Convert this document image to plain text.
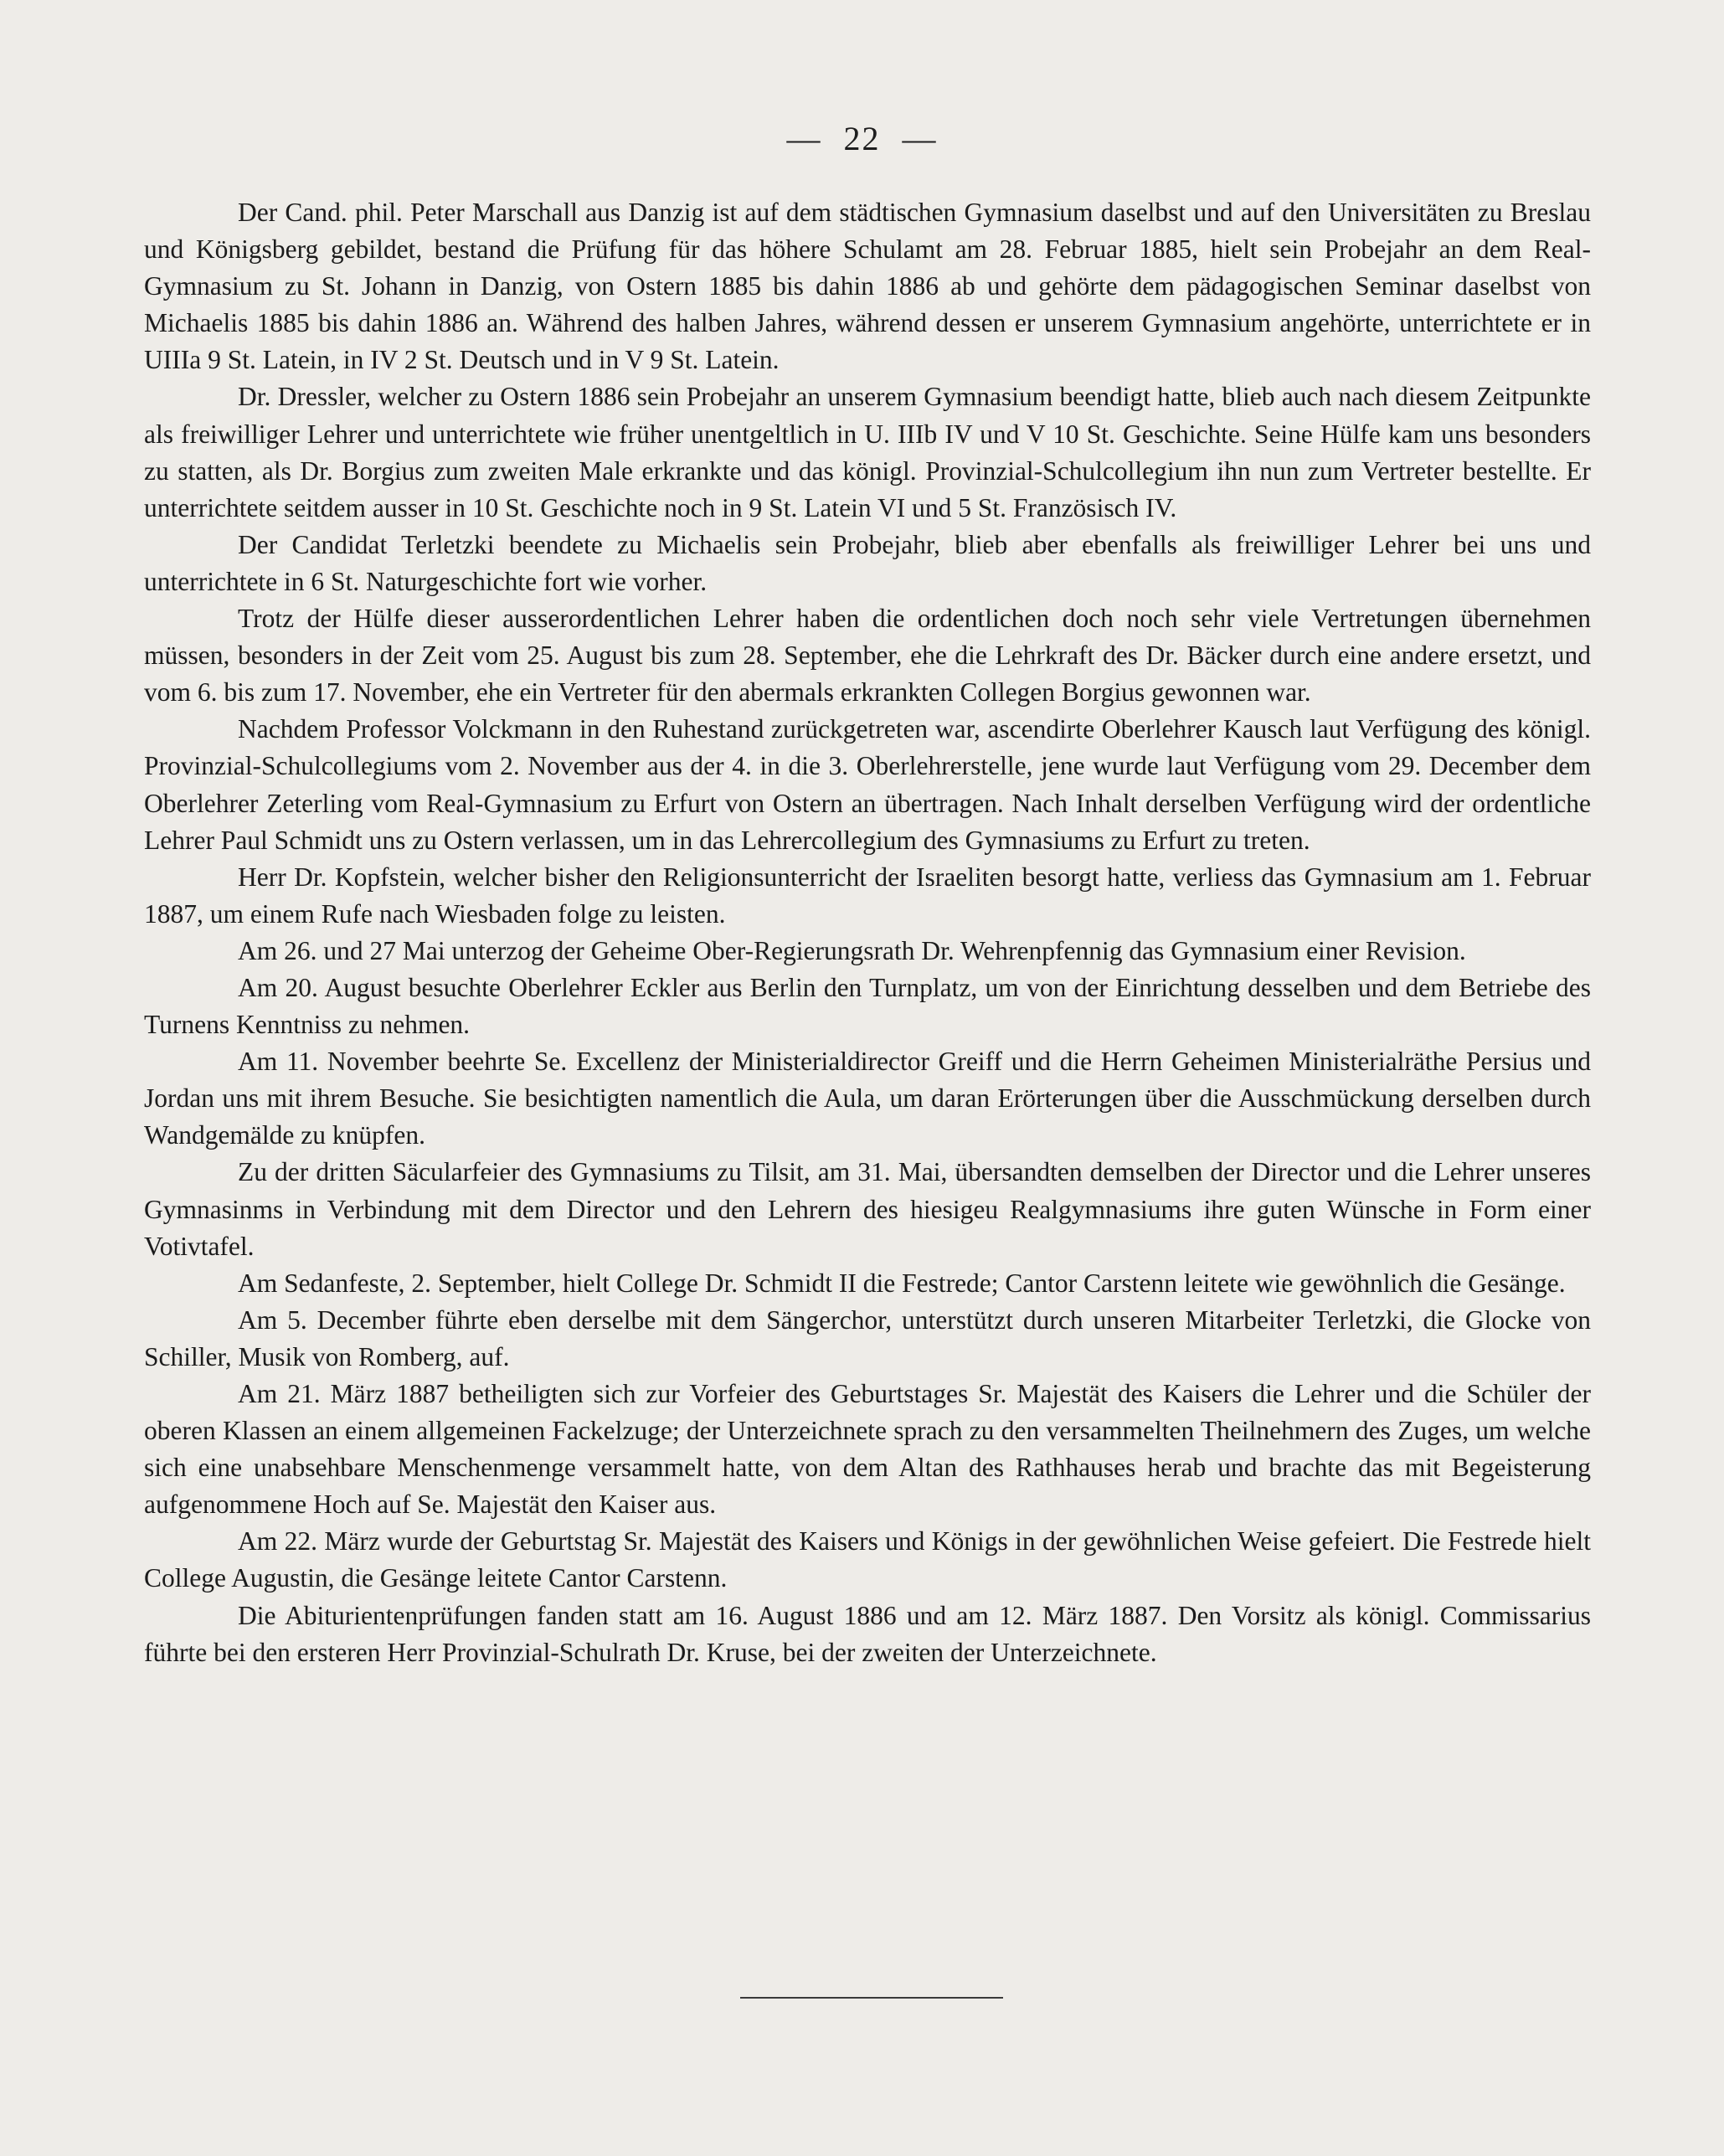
— 22 —

Der Cand. phil. Peter Marschall aus Danzig ist auf dem städtischen Gymnasium daselbst und auf den Universitäten zu Breslau und Königsberg gebildet, bestand die Prüfung für das höhere Schulamt am 28. Februar 1885, hielt sein Probejahr an dem Real-Gymnasium zu St. Johann in Danzig, von Ostern 1885 bis dahin 1886 ab und gehörte dem pädagogischen Seminar daselbst von Michaelis 1885 bis dahin 1886 an. Während des halben Jahres, während dessen er unserem Gymnasium angehörte, unterrichtete er in UIIIa 9 St. Latein, in IV 2 St. Deutsch und in V 9 St. Latein.

Dr. Dressler, welcher zu Ostern 1886 sein Probejahr an unserem Gymnasium beendigt hatte, blieb auch nach diesem Zeitpunkte als freiwilliger Lehrer und unterrichtete wie früher unentgeltlich in U. IIIb IV und V 10 St. Geschichte. Seine Hülfe kam uns besonders zu statten, als Dr. Borgius zum zweiten Male erkrankte und das königl. Provinzial-Schulcollegium ihn nun zum Vertreter bestellte. Er unterrichtete seitdem ausser in 10 St. Geschichte noch in 9 St. Latein VI und 5 St. Französisch IV.

Der Candidat Terletzki beendete zu Michaelis sein Probejahr, blieb aber ebenfalls als freiwilliger Lehrer bei uns und unterrichtete in 6 St. Naturgeschichte fort wie vorher.

Trotz der Hülfe dieser ausserordentlichen Lehrer haben die ordentlichen doch noch sehr viele Vertretungen übernehmen müssen, besonders in der Zeit vom 25. August bis zum 28. September, ehe die Lehrkraft des Dr. Bäcker durch eine andere ersetzt, und vom 6. bis zum 17. November, ehe ein Vertreter für den abermals erkrankten Collegen Borgius gewonnen war.

Nachdem Professor Volckmann in den Ruhestand zurückgetreten war, ascendirte Oberlehrer Kausch laut Verfügung des königl. Provinzial-Schulcollegiums vom 2. November aus der 4. in die 3. Oberlehrerstelle, jene wurde laut Verfügung vom 29. December dem Oberlehrer Zeterling vom Real-Gymnasium zu Erfurt von Ostern an übertragen. Nach Inhalt derselben Verfügung wird der ordentliche Lehrer Paul Schmidt uns zu Ostern verlassen, um in das Lehrercollegium des Gymnasiums zu Erfurt zu treten.

Herr Dr. Kopfstein, welcher bisher den Religionsunterricht der Israeliten besorgt hatte, verliess das Gymnasium am 1. Februar 1887, um einem Rufe nach Wiesbaden folge zu leisten.

Am 26. und 27 Mai unterzog der Geheime Ober-Regierungsrath Dr. Wehrenpfennig das Gymnasium einer Revision.

Am 20. August besuchte Oberlehrer Eckler aus Berlin den Turnplatz, um von der Einrichtung desselben und dem Betriebe des Turnens Kenntniss zu nehmen.

Am 11. November beehrte Se. Excellenz der Ministerialdirector Greiff und die Herrn Geheimen Ministerialräthe Persius und Jordan uns mit ihrem Besuche. Sie besichtigten namentlich die Aula, um daran Erörterungen über die Ausschmückung derselben durch Wandgemälde zu knüpfen.

Zu der dritten Säcularfeier des Gymnasiums zu Tilsit, am 31. Mai, übersandten demselben der Director und die Lehrer unseres Gymnasinms in Verbindung mit dem Director und den Lehrern des hiesigeu Realgymnasiums ihre guten Wünsche in Form einer Votivtafel.

Am Sedanfeste, 2. September, hielt College Dr. Schmidt II die Festrede; Cantor Carstenn leitete wie gewöhnlich die Gesänge.

Am 5. December führte eben derselbe mit dem Sängerchor, unterstützt durch unseren Mitarbeiter Terletzki, die Glocke von Schiller, Musik von Romberg, auf.

Am 21. März 1887 betheiligten sich zur Vorfeier des Geburtstages Sr. Majestät des Kaisers die Lehrer und die Schüler der oberen Klassen an einem allgemeinen Fackelzuge; der Unterzeichnete sprach zu den versammelten Theilnehmern des Zuges, um welche sich eine unabsehbare Menschenmenge versammelt hatte, von dem Altan des Rathhauses herab und brachte das mit Begeisterung aufgenommene Hoch auf Se. Majestät den Kaiser aus.

Am 22. März wurde der Geburtstag Sr. Majestät des Kaisers und Königs in der gewöhnlichen Weise gefeiert. Die Festrede hielt College Augustin, die Gesänge leitete Cantor Carstenn.

Die Abiturientenprüfungen fanden statt am 16. August 1886 und am 12. März 1887. Den Vorsitz als königl. Commissarius führte bei den ersteren Herr Provinzial-Schulrath Dr. Kruse, bei der zweiten der Unterzeichnete.
